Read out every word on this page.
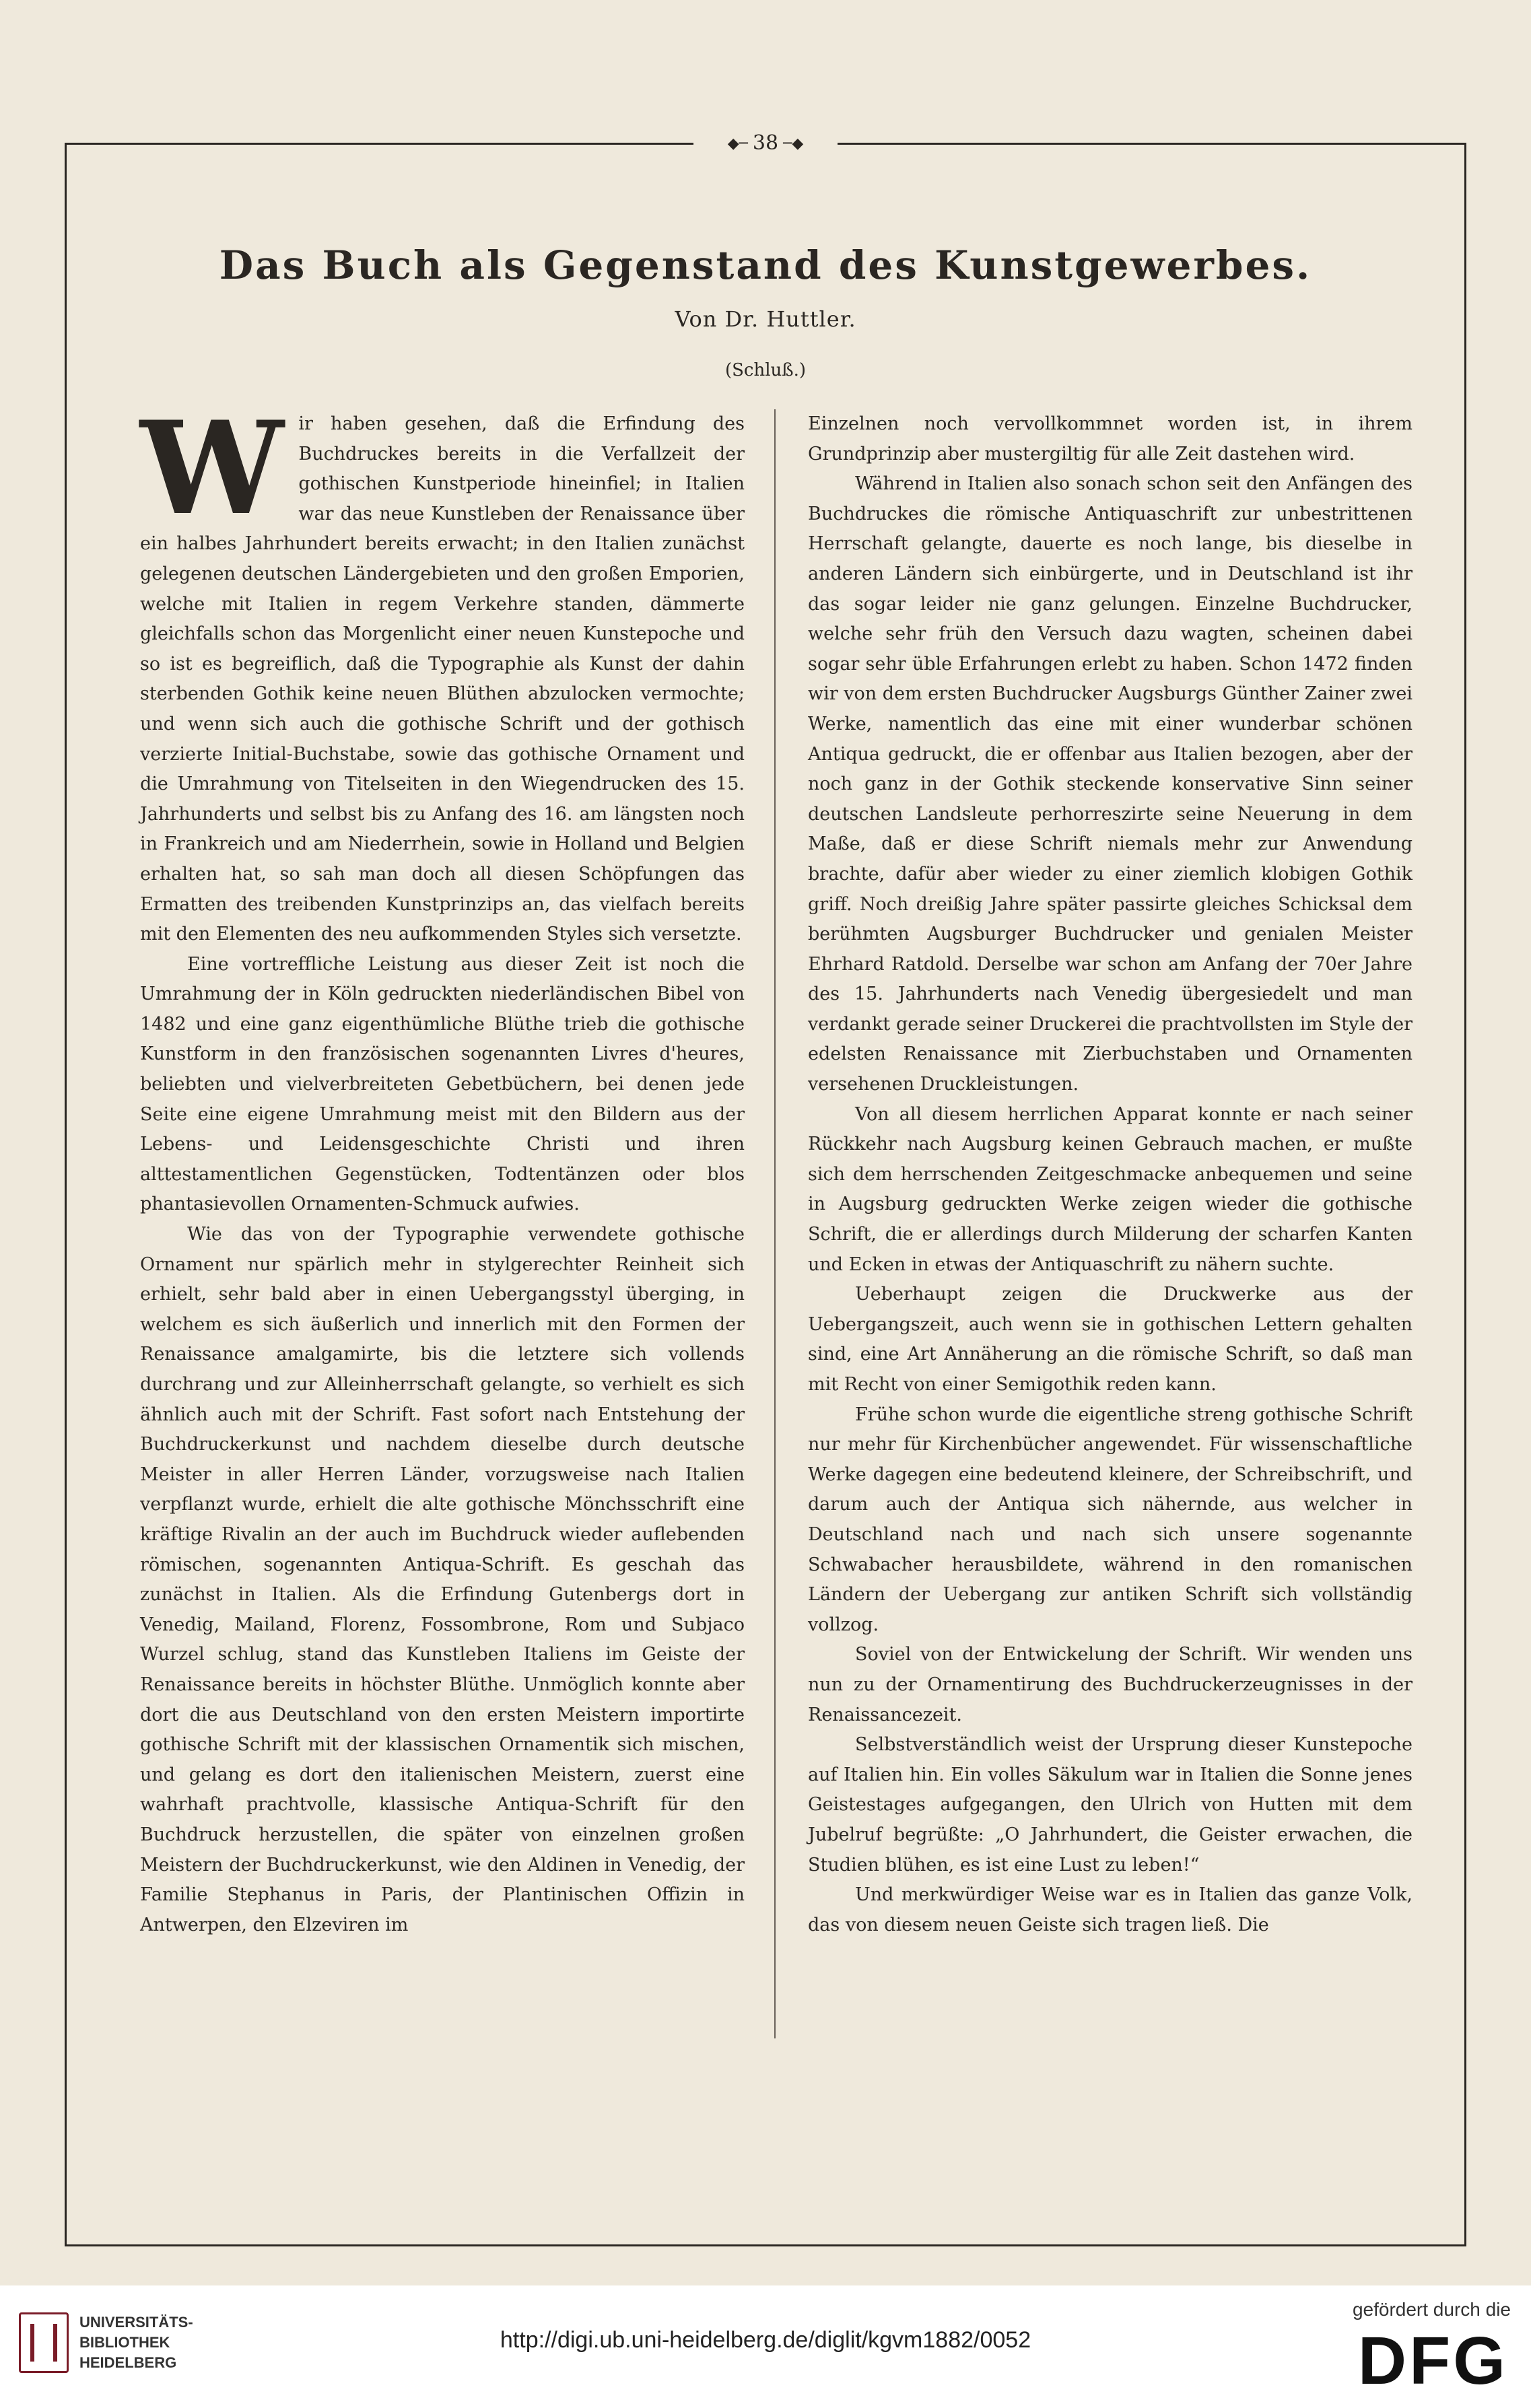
◆─ 38 ─◆
Das Buch als Gegenstand des Kunstgewerbes.
Von Dr. Huttler.
(Schluß.)

Wir haben gesehen, daß die Erfindung des Buchdruckes bereits in die Verfallzeit der gothischen Kunstperiode hineinfiel; in Italien war das neue Kunstleben der Renaissance über ein halbes Jahrhundert bereits erwacht; in den Italien zunächst gelegenen deutschen Ländergebieten und den großen Emporien, welche mit Italien in regem Verkehre standen, dämmerte gleichfalls schon das Morgenlicht einer neuen Kunstepoche und so ist es begreiflich, daß die Typographie als Kunst der dahin sterbenden Gothik keine neuen Blüthen abzulocken vermochte; und wenn sich auch die gothische Schrift und der gothisch verzierte Initial-Buchstabe, sowie das gothische Ornament und die Umrahmung von Titelseiten in den Wiegendrucken des 15. Jahrhunderts und selbst bis zu Anfang des 16. am längsten noch in Frankreich und am Niederrhein, sowie in Holland und Belgien erhalten hat, so sah man doch all diesen Schöpfungen das Ermatten des treibenden Kunstprinzips an, das vielfach bereits mit den Elementen des neu aufkommenden Styles sich versetzte.

Eine vortreffliche Leistung aus dieser Zeit ist noch die Umrahmung der in Köln gedruckten niederländischen Bibel von 1482 und eine ganz eigenthümliche Blüthe trieb die gothische Kunstform in den französischen sogenannten Livres d'heures, beliebten und vielverbreiteten Gebetbüchern, bei denen jede Seite eine eigene Umrahmung meist mit den Bildern aus der Lebens- und Leidensgeschichte Christi und ihren alttestamentlichen Gegenstücken, Todtentänzen oder blos phantasievollen Ornamenten-Schmuck aufwies.

Wie das von der Typographie verwendete gothische Ornament nur spärlich mehr in stylgerechter Reinheit sich erhielt, sehr bald aber in einen Uebergangsstyl überging, in welchem es sich äußerlich und innerlich mit den Formen der Renaissance amalgamirte, bis die letztere sich vollends durchrang und zur Alleinherrschaft gelangte, so verhielt es sich ähnlich auch mit der Schrift. Fast sofort nach Entstehung der Buchdruckerkunst und nachdem dieselbe durch deutsche Meister in aller Herren Länder, vorzugsweise nach Italien verpflanzt wurde, erhielt die alte gothische Mönchsschrift eine kräftige Rivalin an der auch im Buchdruck wieder auflebenden römischen, sogenannten Antiqua-Schrift. Es geschah das zunächst in Italien. Als die Erfindung Gutenbergs dort in Venedig, Mailand, Florenz, Fossombrone, Rom und Subjaco Wurzel schlug, stand das Kunstleben Italiens im Geiste der Renaissance bereits in höchster Blüthe. Unmöglich konnte aber dort die aus Deutschland von den ersten Meistern importirte gothische Schrift mit der klassischen Ornamentik sich mischen, und gelang es dort den italienischen Meistern, zuerst eine wahrhaft prachtvolle, klassische Antiqua-Schrift für den Buchdruck herzustellen, die später von einzelnen großen Meistern der Buchdruckerkunst, wie den Aldinen in Venedig, der Familie Stephanus in Paris, der Plantinischen Offizin in Antwerpen, den Elzeviren im

Einzelnen noch vervollkommnet worden ist, in ihrem Grundprinzip aber mustergiltig für alle Zeit dastehen wird.

Während in Italien also sonach schon seit den Anfängen des Buchdruckes die römische Antiquaschrift zur unbestrittenen Herrschaft gelangte, dauerte es noch lange, bis dieselbe in anderen Ländern sich einbürgerte, und in Deutschland ist ihr das sogar leider nie ganz gelungen. Einzelne Buchdrucker, welche sehr früh den Versuch dazu wagten, scheinen dabei sogar sehr üble Erfahrungen erlebt zu haben. Schon 1472 finden wir von dem ersten Buchdrucker Augsburgs Günther Zainer zwei Werke, namentlich das eine mit einer wunderbar schönen Antiqua gedruckt, die er offenbar aus Italien bezogen, aber der noch ganz in der Gothik steckende konservative Sinn seiner deutschen Landsleute perhorreszirte seine Neuerung in dem Maße, daß er diese Schrift niemals mehr zur Anwendung brachte, dafür aber wieder zu einer ziemlich klobigen Gothik griff. Noch dreißig Jahre später passirte gleiches Schicksal dem berühmten Augsburger Buchdrucker und genialen Meister Ehrhard Ratdold. Derselbe war schon am Anfang der 70er Jahre des 15. Jahrhunderts nach Venedig übergesiedelt und man verdankt gerade seiner Druckerei die prachtvollsten im Style der edelsten Renaissance mit Zierbuchstaben und Ornamenten versehenen Druckleistungen.

Von all diesem herrlichen Apparat konnte er nach seiner Rückkehr nach Augsburg keinen Gebrauch machen, er mußte sich dem herrschenden Zeitgeschmacke anbequemen und seine in Augsburg gedruckten Werke zeigen wieder die gothische Schrift, die er allerdings durch Milderung der scharfen Kanten und Ecken in etwas der Antiquaschrift zu nähern suchte.

Ueberhaupt zeigen die Druckwerke aus der Uebergangszeit, auch wenn sie in gothischen Lettern gehalten sind, eine Art Annäherung an die römische Schrift, so daß man mit Recht von einer Semigothik reden kann.

Frühe schon wurde die eigentliche streng gothische Schrift nur mehr für Kirchenbücher angewendet. Für wissenschaftliche Werke dagegen eine bedeutend kleinere, der Schreibschrift, und darum auch der Antiqua sich nähernde, aus welcher in Deutschland nach und nach sich unsere sogenannte Schwabacher herausbildete, während in den romanischen Ländern der Uebergang zur antiken Schrift sich vollständig vollzog.

Soviel von der Entwickelung der Schrift. Wir wenden uns nun zu der Ornamentirung des Buchdruckerzeugnisses in der Renaissancezeit.

Selbstverständlich weist der Ursprung dieser Kunstepoche auf Italien hin. Ein volles Säkulum war in Italien die Sonne jenes Geistestages aufgegangen, den Ulrich von Hutten mit dem Jubelruf begrüßte: „O Jahrhundert, die Geister erwachen, die Studien blühen, es ist eine Lust zu leben!“

Und merkwürdiger Weise war es in Italien das ganze Volk, das von diesem neuen Geiste sich tragen ließ. Die

UNIVERSITÄTS-
BIBLIOTHEK
HEIDELBERG
http://digi.ub.uni-heidelberg.de/diglit/kgvm1882/0052
gefördert durch die
DFG
